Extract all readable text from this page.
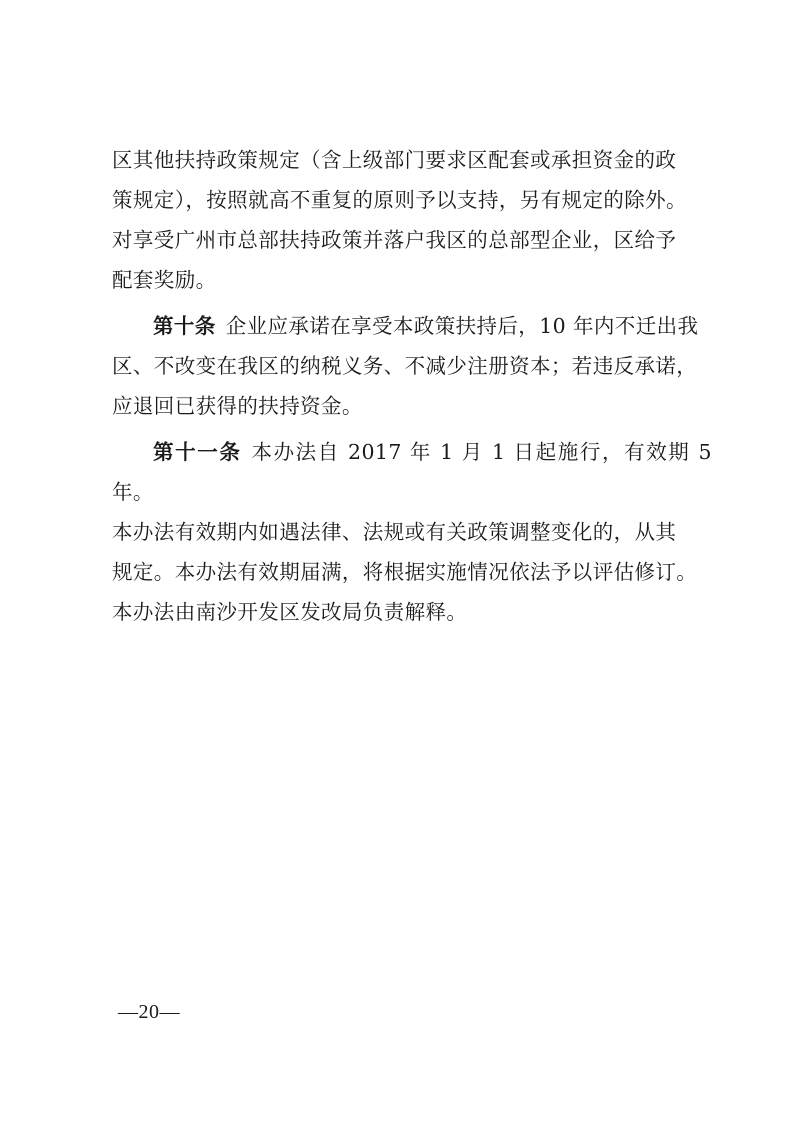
区其他扶持政策规定（含上级部门要求区配套或承担资金的政
策规定），按照就高不重复的原则予以支持，另有规定的除外。
对享受广州市总部扶持政策并落户我区的总部型企业，区给予
配套奖励。

第十条 企业应承诺在享受本政策扶持后，10 年内不迁出我
区、不改变在我区的纳税义务、不减少注册资本；若违反承诺，
应退回已获得的扶持资金。

第十一条 本办法自 2017 年 1 月 1 日起施行，有效期 5 年。
本办法有效期内如遇法律、法规或有关政策调整变化的，从其
规定。本办法有效期届满，将根据实施情况依法予以评估修订。
本办法由南沙开发区发改局负责解释。

—20—
